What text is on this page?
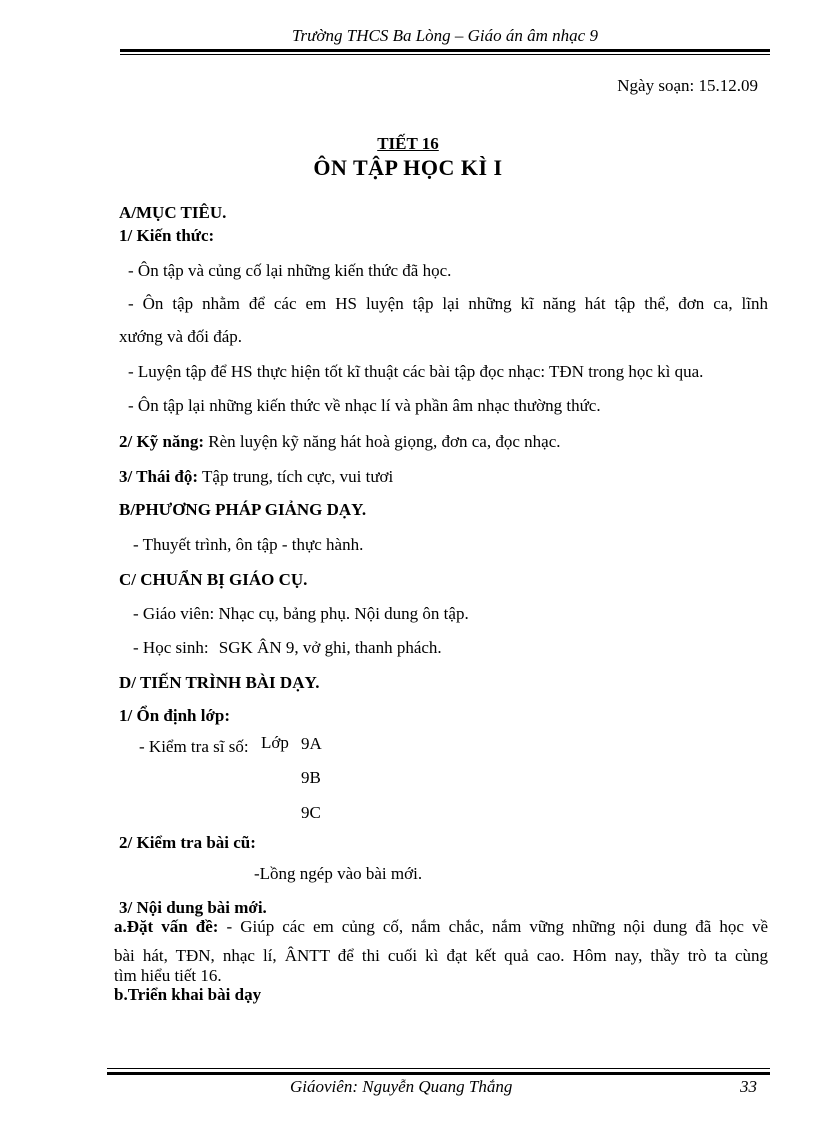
Trường THCS Ba Lòng – Giáo án âm nhạc 9
Ngày soạn: 15.12.09
TIẾT 16
ÔN TẬP HỌC KÌ I
A/MỤC TIÊU.
1/ Kiến thức:
- Ôn tập và củng cố lại những kiến thức đã học.
- Ôn tập nhằm để các em HS luyện tập lại những kĩ năng hát tập thể, đơn ca, lĩnh
xướng và đối đáp.
- Luyện tập để HS thực hiện tốt kĩ thuật các bài tập đọc nhạc: TĐN trong học kì qua.
- Ôn tập lại những kiến thức về nhạc lí và phần âm nhạc thường thức.
2/ Kỹ năng: Rèn luyện kỹ năng hát hoà giọng, đơn ca, đọc nhạc.
3/ Thái độ: Tập trung, tích cực, vui tươi
B/PHƯƠNG PHÁP GIẢNG DẠY.
- Thuyết trình, ôn tập - thực hành.
C/ CHUẨN BỊ GIÁO CỤ.
- Giáo viên: Nhạc cụ, bảng phụ. Nội dung ôn tập.
- Học sinh: SGK ÂN 9, vở ghi, thanh phách.
D/ TIẾN TRÌNH BÀI DẠY.
1/ Ổn định lớp:
- Kiểm tra sĩ số: Lớp 9A
9B
9C
2/ Kiểm tra bài cũ:
-Lồng ngép vào bài mới.
3/ Nội dung bài mới.
a.Đặt vấn đề: - Giúp các em củng cố, nắm chắc, nắm vững những nội dung đã học về
bài hát, TĐN, nhạc lí, ÂNTT để thi cuối kì đạt kết quả cao. Hôm nay, thầy trò ta cùng
tìm hiểu tiết 16.
b.Triển khai bài dạy
Giáoviên: Nguyễn Quang Thắng	33
